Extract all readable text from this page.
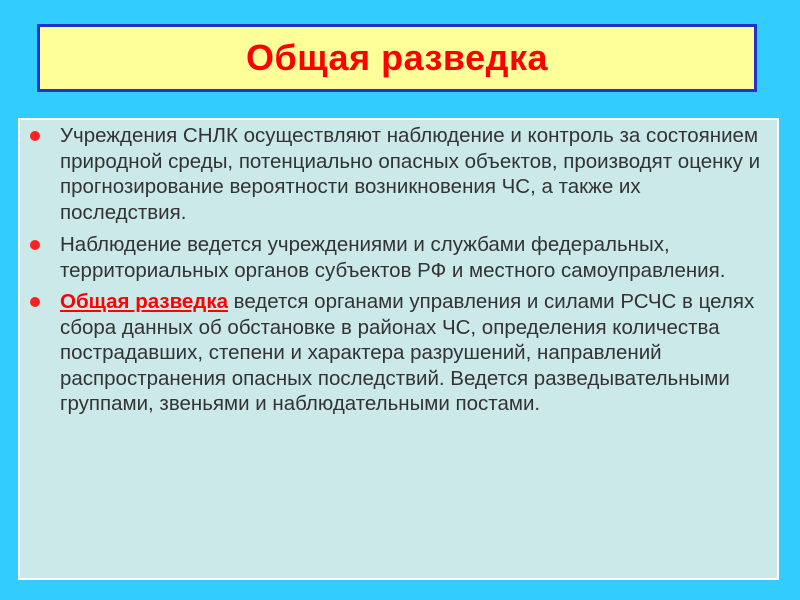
Общая разведка
Учреждения СНЛК осуществляют наблюдение и контроль за состоянием природной среды, потенциально опасных объектов, производят оценку и прогнозирование вероятности возникновения ЧС, а также их последствия.
Наблюдение ведется учреждениями и службами федеральных, территориальных органов субъектов РФ и местного самоуправления.
Общая разведка ведется органами управления и силами РСЧС в целях сбора данных об обстановке в районах ЧС, определения количества пострадавших, степени и характера разрушений, направлений распространения опасных последствий. Ведется разведывательными группами, звеньями и наблюдательными постами.
